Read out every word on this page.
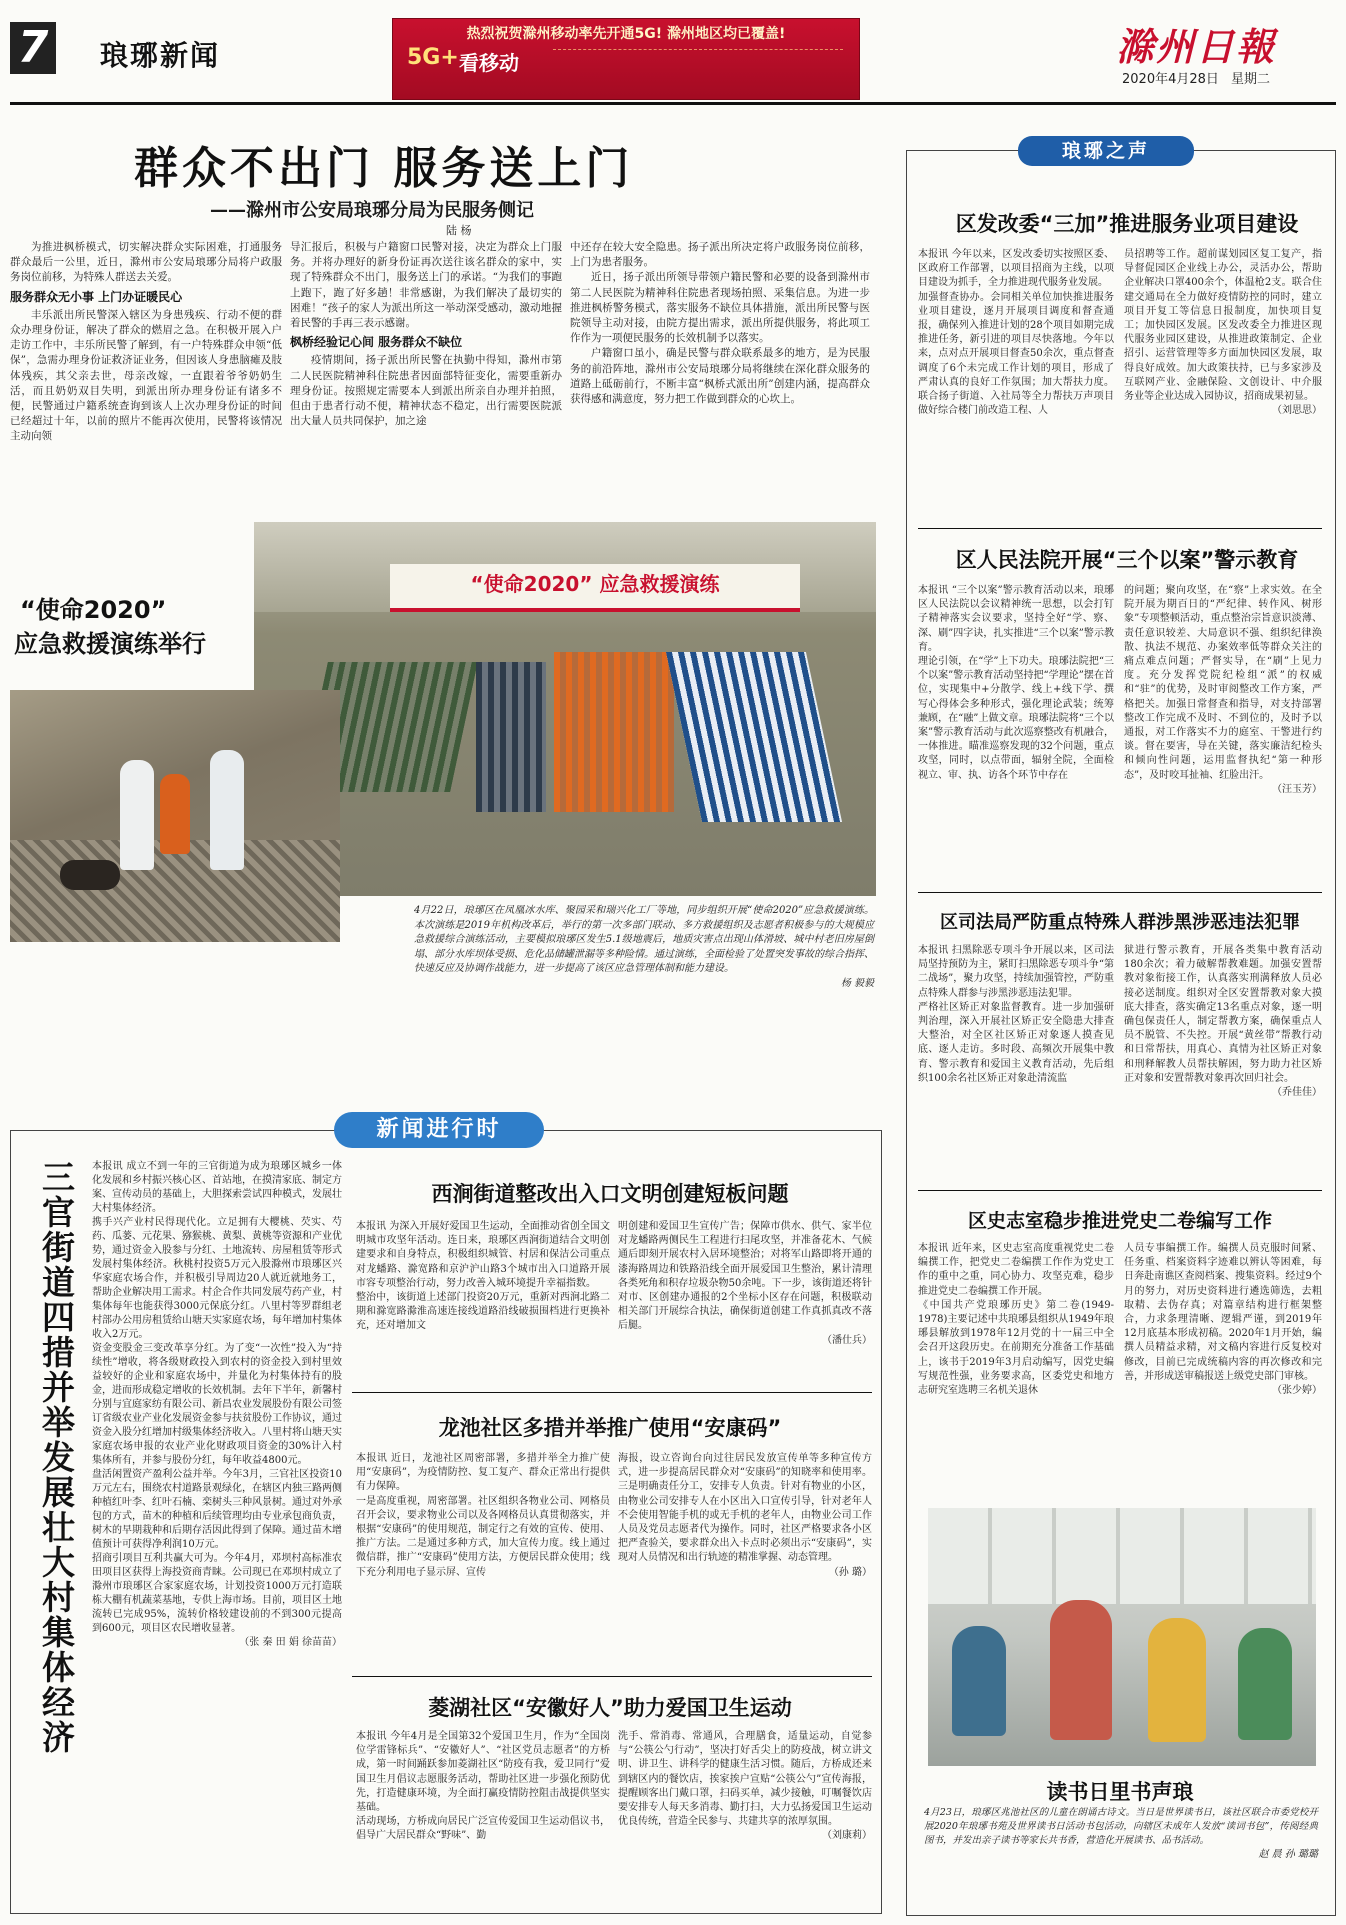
7 琅琊新闻	5G+ 看移动
热烈祝贺滁州移动率先开通5G! 滁州地区均已覆盖!	滁州日報
2020年4月28日 星期二
群众不出门 服务送上门
——滁州市公安局琅琊分局为民服务侧记
陆 杨
为推进枫桥模式，切实解决群众实际困难，打通服务群众最后一公里，近日，滁州市公安局琅琊分局将户政服务岗位前移，为特殊人群送去关爱。
服务群众无小事 上门办证暖民心
丰乐派出所民警深入辖区为身患残疾、行动不便的群众办理身份证，解决了群众的燃眉之急。在积极开展入户走访工作中，丰乐所民警了解到，有一户特殊群众申领“低保”，急需办理身份证救济证业务，但因该人身患脑瘫及肢体残疾，其父亲去世，母亲改嫁，一直跟着爷爷奶奶生活，而且奶奶双目失明，到派出所办理身份证有诸多不便，民警通过户籍系统查询到该人上次办理身份证的时间已经超过十年，以前的照片不能再次使用，民警将该情况主动向领
导汇报后，积极与户籍窗口民警对接，决定为群众上门服务。并将办理好的新身份证再次送往该名群众的家中，实现了特殊群众不出门，服务送上门的承诺。“为我们的事跑上跑下，跑了好多趟！非常感谢，为我们解决了最切实的困难！”孩子的家人为派出所这一举动深受感动，激动地握着民警的手再三表示感谢。
枫桥经验记心间 服务群众不缺位
疫情期间，扬子派出所民警在执勤中得知，滁州市第二人民医院精神科住院患者因面部特征变化，需要重新办理身份证。按照规定需要本人到派出所亲自办理并拍照，但由于患者行动不便，精神状态不稳定，出行需要医院派出大量人员共同保护，加之途
中还存在较大安全隐患。扬子派出所决定将户政服务岗位前移，上门为患者服务。
近日，扬子派出所领导带领户籍民警和必要的设备到滁州市第二人民医院为精神科住院患者现场拍照、采集信息。为进一步推进枫桥警务模式，落实服务不缺位具体措施，派出所民警与医院领导主动对接，由院方提出需求，派出所提供服务，将此项工作作为一项便民服务的长效机制予以落实。
户籍窗口虽小，确是民警与群众联系最多的地方，是为民服务的前沿阵地，滁州市公安局琅琊分局将继续在深化群众服务的道路上砥砺前行，不断丰富“枫桥式派出所”创建内涵，提高群众获得感和满意度，努力把工作做到群众的心坎上。
“使命2020”
应急救援演练举行
“使命2020” 应急救援演练
4月22日，琅琊区在凤凰冰水库、聚园采和瑞兴化工厂等地，同步组织开展“使命2020”应急救援演练。本次演练是2019年机构改革后，举行的第一次多部门联动、多方救援组织及志愿者积极参与的大规模应急救援综合演练活动，主要模拟琅琊区发生5.1级地震后，地质灾害点出现山体滑坡、城中村老旧房屋倒塌、部分水库坝体受损、危化品储罐泄漏等多种险情。通过演练，全面检验了处置突发事故的综合指挥、快速反应及协调作战能力，进一步提高了该区应急管理体制和能力建设。
杨 毅毅
琅琊之声
区发改委“三加”推进服务业项目建设
本报讯 今年以来，区发改委切实按照区委、区政府工作部署，以项目招商为主线，以项目建设为抓手，全力推进现代服务业发展。
加强督查协办。会同相关单位加快推进服务业项目建设，逐月开展项目调度和督查通报，确保列入推进计划的28个项目如期完成推进任务，新引进的项目尽快落地。今年以来，点对点开展项目督查50余次，重点督查调度了6个未完成工作计划的项目，形成了严肃认真的良好工作氛围；加大帮扶力度。联合扬子街道、入社局等全力帮扶万声项目做好综合楼门前改造工程、人
员招聘等工作。超前谋划园区复工复产，指导督促园区企业线上办公，灵活办公，帮助企业解决口罩400余个，体温枪2支。联合住建交通局在全力做好疫情防控的同时，建立项目开复工等信息日报制度，加快项目复工；加快园区发展。区发改委全力推进区现代服务业园区建设，从推进政策制定、企业招引、运营管理等多方面加快园区发展，取得良好成效。加大政策扶持，已与多家涉及互联网产业、金融保险、文创设计、中介服务业等企业达成入园协议，招商成果初显。
（刘思思）
区人民法院开展“三个以案”警示教育
本报讯 “三个以案”警示教育活动以来，琅琊区人民法院以会议精神统一思想，以会打钉子精神落实会议要求，坚持全好“学、察、深、刷”四字诀，扎实推进“三个以案”警示教育。
理论引领，在“学”上下功夫。琅琊法院把“三个以案”警示教育活动坚持把“学理论”摆在首位，实现集中+分散学、线上+线下学、撰写心得体会多种形式，强化理论武装；统筹兼顾，在“融”上做文章。琅琊法院将“三个以案”警示教育活动与此次巡察整改有机融合，一体推进。瞄准巡察发现的32个问题，重点攻坚，同时，以点带面，辐射全院，全面检视立、审、执、访各个环节中存在
的问题；聚向攻坚，在“察”上求实效。在全院开展为期百日的“严纪律、转作风、树形象”专项整顿活动，重点整治宗旨意识淡薄、责任意识较差、大局意识不强、组织纪律涣散、执法不规范、办案效率低等群众关注的痛点难点问题；严督实导，在“刷”上见力度。充分发挥党院纪检组“派”的权威和“驻”的优势，及时审阅整改工作方案，严格把关。加强日常督查和指导，对支持部署整改工作完成不及时、不到位的，及时予以通报，对工作落实不力的庭室、干警进行约谈。督在要害，导在关键，落实廉洁纪检头和倾向性问题，运用监督执纪“第一种形态”，及时咬耳扯袖、红脸出汗。
（汪玉芳）
区司法局严防重点特殊人群涉黑涉恶违法犯罪
本报讯 扫黑除恶专项斗争开展以来，区司法局坚持预防为主，紧盯扫黑除恶专项斗争“第二战场”，聚力攻坚，持续加强管控，严防重点特殊人群参与涉黑涉恶违法犯罪。
严格社区矫正对象监督教育。进一步加强研判治理，深入开展社区矫正安全隐患大排查大整治，对全区社区矫正对象逐人摸查见底、逐人走访。多时段、高频次开展集中教育、警示教育和爱国主义教育活动，先后组织100余名社区矫正对象赴清流监
狱进行警示教育，开展各类集中教育活动180余次；着力破解帮教难题。加强安置帮教对象衔接工作，认真落实刑满释放人员必接必送制度。组织对全区安置帮教对象大摸底大排查，落实确定13名重点对象，逐一明确包保责任人，制定帮教方案，确保重点人员不脱管、不失控。开展“黄丝带”帮教行动和日常帮扶，用真心、真情为社区矫正对象和刑释解教人员帮扶解困，努力助力社区矫正对象和安置帮教对象再次回归社会。
（乔佳佳）
区史志室稳步推进党史二卷编写工作
本报讯 近年来，区史志室高度重视党史二卷编撰工作，把党史二卷编撰工作作为党史工作的重中之重，同心协力、攻坚克难，稳步推进党史二卷编撰工作开展。
《中国共产党琅琊历史》第二卷(1949-1978)主要记述中共琅琊县组织从1949年琅琊县解放到1978年12月党的十一届三中全会召开这段历史。在前期充分准备工作基础上，该书于2019年3月启动编写，因党史编写规范性强，业务要求高，区委党史和地方志研究室选聘三名机关退休
人员专事编撰工作。编撰人员克服时间紧、任务重、档案资料字迹难以辨认等困难，每日奔赴南谯区查阅档案、搜集资料。经过9个月的努力，对历史资料进行遴选筛选，去粗取精、去伪存真；对篇章结构进行框架整合，力求条理清晰、逻辑严谨，到2019年12月底基本形成初稿。2020年1月开始，编撰人员精益求精，对文稿内容进行反复校对修改，目前已完成统稿内容的再次修改和完善，并形成送审稿报送上级党史部门审核。
（张少婷）
读书日里书声琅
4月23日，琅琊区兆池社区的儿童在朗诵古诗文。当日是世界读书日，该社区联合市委党校开展2020年琅琊书苑及世界读书日活动书包活动，向辖区未成年人发放“读词书包”，传阅经典图书，并发出亲子读书等家长共书香，营造化开展读书、品书活动。
赵 晨 孙 璐璐
新闻进行时
三官街道四措并举发展壮大村集体经济 本报讯 成立不到一年的三官街道为成为琅琊区城乡一体化发展和乡村振兴核心区、首站地，在摸清家底、制定方案、宣传动员的基础上，大胆探索尝试四种模式，发展壮大村集体经济。
携手兴产业村民得现代化。立足拥有大樱桃、芡实、芍药、瓜蒌、元花果、猕猴桃、黄梨、黄桃等资源和产业优势，通过资金入股参与分红、土地流转、房屋租赁等形式发展村集体经济。秋桃村投资5万元入股滁州市琅琊区兴华家庭农场合作，并积极引导周边20人就近就地务工，帮助企业解决用工需求。村企合作共同发展芍药产业，村集体每年也能获得3000元保底分红。八里村等罗群组老村部办公用房租赁给山塘天实家庭农场，每年增加村集体收入2万元。
资金变股金三变改革享分红。为了变“一次性”投入为“持续性”增收，将各级财政投入到农村的资金投入到村里效益较好的企业和家庭农场中，并量化为村集体持有的股金，进而形成稳定增收的长效机制。去年下半年，新馨村分别与宜庭家纺有限公司、新昌农业发展股份有限公司签订省级农业产业化发展资金参与扶贫股份工作协议，通过资金入股分红增加村级集体经济收入。八里村将山塘天实家庭农场申报的农业产业化财政项目资金的30%计入村集体所有，并参与股份分红，每年收益4800元。
盘活闲置资产盈利公益并举。今年3月，三官社区投资10万元左右，围绕农村道路景观绿化，在辖区内独三路两侧种植红叶李、红叶石楠、栾树头三种风景树。通过对外承包的方式，苗木的种植和后续管理均由专业承包商负责，树木的早期栽种和后期存活因此得到了保障。通过苗木增值预计可获得净利润10万元。
招商引项目互利共赢大可为。今年4月，邓坝村高标准农田项目区获得上海投资商青睐。公司现已在邓坝村成立了滁州市琅琊区合家家庭农场，计划投资1000万元打造联栋大棚有机蔬菜基地，专供上海市场。目前，项目区土地流转已完成95%，流转价格较建设前的不到300元提高到600元，项目区农民增收显著。
（张 秦 田 娟 徐苗苗）
西涧街道整改出入口文明创建短板问题
本报讯 为深入开展好爱国卫生运动，全面推动省创全国文明城市攻坚年活动。连日来，琅琊区西涧街道结合文明创建要求和自身特点，积极组织城管、村居和保洁公司重点对龙蟠路、滁宽路和京沪沪山路3个城市出入口道路开展市容专项整治行动，努力改善入城环境提升幸福指数。
整治中，该街道上述部门投资20万元，重新对西涧北路二期和滁宽路滁淮高速连接线道路沿线破损围档进行更换补充，还对增加文
明创建和爱国卫生宣传广告；保障市供水、供气、家半位对龙蟠路两侧民生工程进行扫尾攻坚，并准备花木、气候通后即刻开展农村入居环境整治；对将军山路即将开通的漆海路周边和铁路沿线全面开展爱国卫生整治，累计清理各类死角和积存垃圾杂物50余吨。下一步，该街道还将针对市、区创建办通报的2个坐标小区存在问题，积极联动相关部门开展综合执法，确保街道创建工作真抓真改不落后腿。
（潘仕兵）
龙池社区多措并举推广使用“安康码”
本报讯 近日，龙池社区周密部署，多措并举全力推广使用“安康码”，为疫情防控、复工复产、群众正常出行提供有力保障。
一是高度重视，周密部署。社区组织各物业公司、网格员召开会议，要求物业公司以及各网格员认真贯彻落实，并根据“安康码”的使用规范，制定行之有效的宣传、使用、推广方法。二是通过多种方式，加大宣传力度。线上通过微信群，推广“安康码”使用方法，方便居民群众使用；线下充分利用电子显示屏、宣传
海报，设立咨询台向过往居民发放宣传单等多种宣传方式，进一步提高居民群众对“安康码”的知晓率和使用率。三是明确责任分工，安排专人负责。针对有物业的小区，由物业公司安排专人在小区出入口宣传引导，针对老年人不会使用智能手机的或无手机的老年人，由物业公司工作人员及党员志愿者代为操作。同时，社区严格要求各小区把严查验关，要求群众出入卡点时必须出示“安康码”，实现对人员情况和出行轨迹的精准掌握、动态管理。
（孙 璐）
菱湖社区“安徽好人”助力爱国卫生运动
本报讯 今年4月是全国第32个爱国卫生月，作为“全国岗位学雷锋标兵”、“安徽好人”、“社区党员志愿者”的方桥成，第一时间踊跃参加菱湖社区“防疫有我，爱卫同行”爱国卫生月倡议志愿服务活动，帮助社区进一步强化预防优先，打造健康环境，为全面打赢疫情防控阻击战提供坚实基础。
活动现场，方桥成向居民广泛宣传爱国卫生运动倡议书，倡导广大居民群众“野味”、勤
洗手、常消毒、常通风，合理膳食，适量运动，自觉参与“公筷公勺行动”，坚决打好舌尖上的防疫战，树立讲文明、讲卫生、讲科学的健康生活习惯。随后，方桥成还来到辖区内的餐饮店，挨家挨户宣贴“公筷公勺”宣传海报，提醒顾客出门戴口罩，扫码买单，减少接触，叮嘱餐饮店要安排专人每天多消毒、勤打扫，大力弘扬爱国卫生运动优良传统，营造全民参与、共建共享的浓厚氛围。
（刘康莉）
